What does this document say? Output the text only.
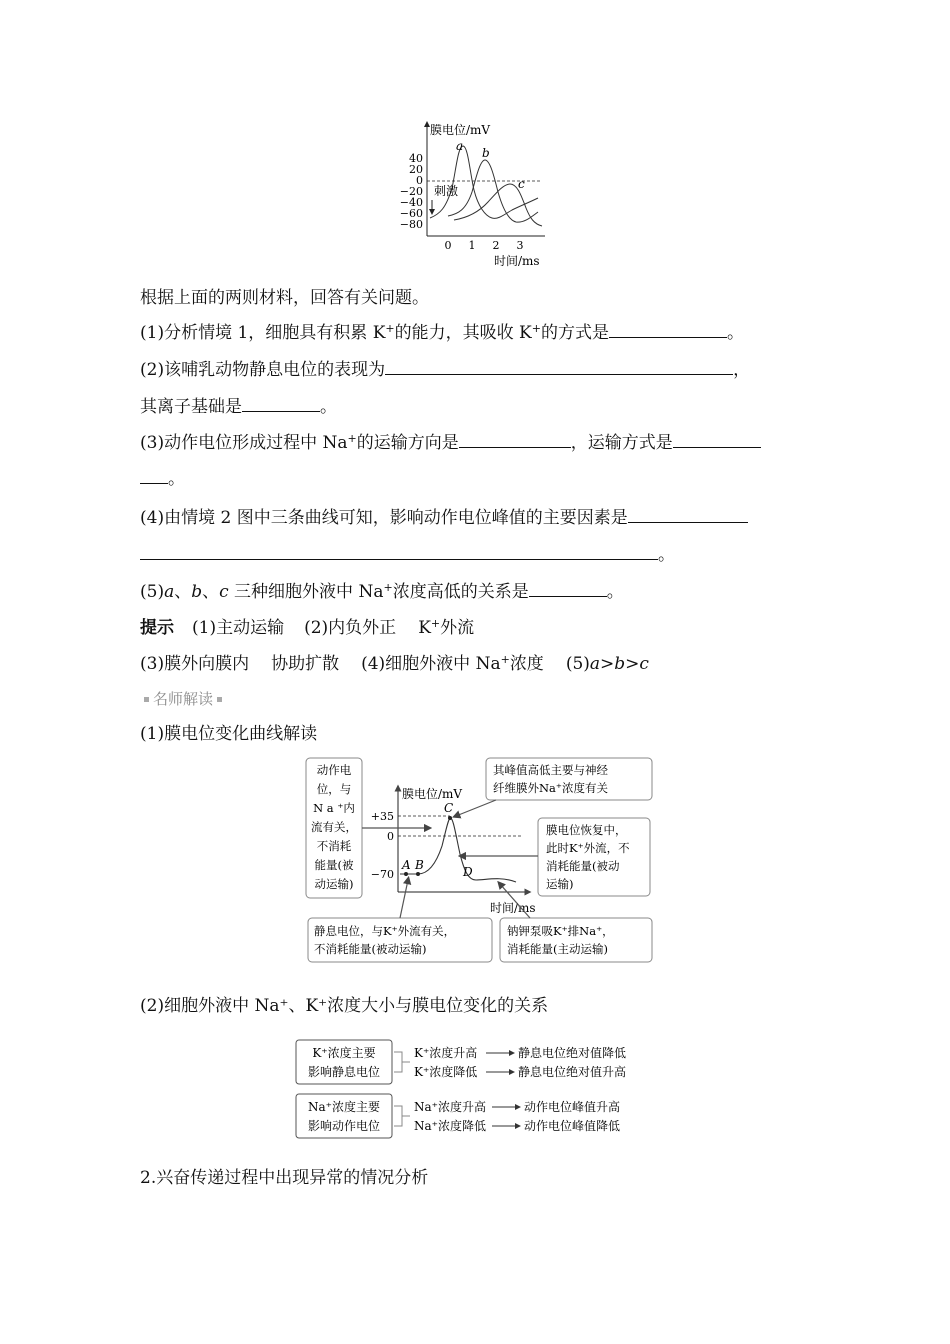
膜电位/mV
40
20
0
−20
−40
−60
−80
0 1 2 3
时间/ms
a b
c
刺激
根据上面的两则材料，回答有关问题。
(1)分析情境 1，细胞具有积累 K+的能力，其吸收 K+的方式是	。
(2)该哺乳动物静息电位的表现为	，
其离子基础是	。
(3)动作电位形成过程中 Na+的运输方向是	，运输方式是
。
(4)由情境 2 图中三条曲线可知，影响动作电位峰值的主要因素是
。
(5)a、b、c 三种细胞外液中 Na+浓度高低的关系是	。
提示 (1)主动运输 (2)内负外正 K+外流
(3)膜外向膜内 协助扩散 (4)细胞外液中 Na+浓度 (5)a>b>c
名师解读
(1)膜电位变化曲线解读
动作电
位，与
N a ⁺内
流有关，
不消耗
能量(被
动运输)
其峰值高低主要与神经
纤维膜外Na⁺浓度有关
膜电位恢复中，
此时K⁺外流，不
消耗能量(被动
运输)
静息电位，与K⁺外流有关，
不消耗能量(被动运输)
钠钾泵吸K⁺排Na⁺，
消耗能量(主动运输)
膜电位/mV
时间/ms
+35
0
−70
A B
C
D
(2)细胞外液中 Na⁺、K⁺浓度大小与膜电位变化的关系
K⁺浓度主要
影响静息电位
K⁺浓度升高	静息电位绝对值降低
K⁺浓度降低	静息电位绝对值升高
Na⁺浓度主要
影响动作电位
Na⁺浓度升高	动作电位峰值升高
Na⁺浓度降低	动作电位峰值降低
2.兴奋传递过程中出现异常的情况分析
